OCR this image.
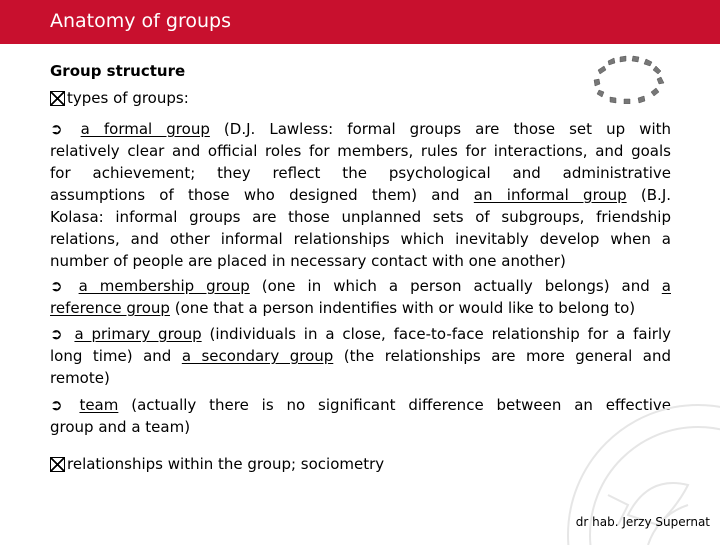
Anatomy of groups
Group structure
types of groups:
➲ a formal group (D.J. Lawless: formal groups are those set up with
relatively clear and official roles for members, rules for interactions, and goals
for achievement; they reflect the psychological and administrative
assumptions of those who designed them) and an informal group (B.J.
Kolasa: informal groups are those unplanned sets of subgroups, friendship
relations, and other informal relationships which inevitably develop when a
number of people are placed in necessary contact with one another)
➲ a membership group (one in which a person actually belongs) and a
reference group (one that a person indentifies with or would like to belong to)
➲ a primary group (individuals in a close, face-to-face relationship for a fairly
long time) and a secondary group (the relationships are more general and
remote)
➲ team (actually there is no significant difference between an effective
group and a team)
relationships within the group; sociometry
dr hab. Jerzy Supernat
